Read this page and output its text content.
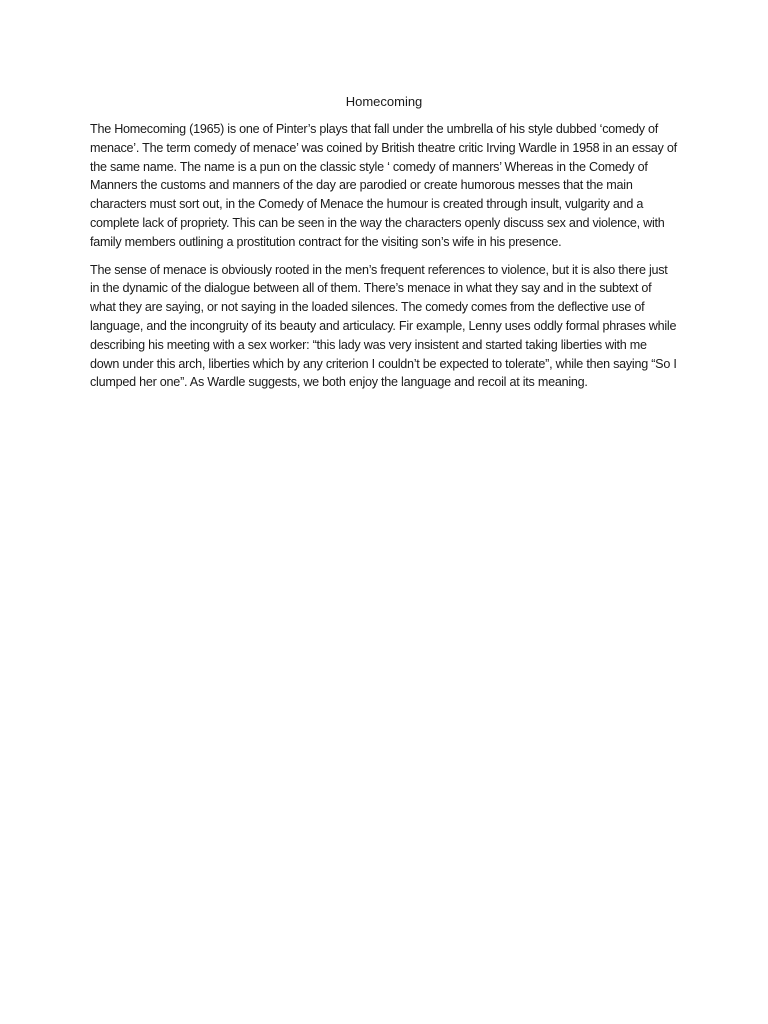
Homecoming

The Homecoming (1965) is one of Pinter’s plays that fall under the umbrella of his style dubbed ‘comedy of menace’. The term comedy of menace’ was coined by British theatre critic Irving Wardle in 1958 in an essay of the same name. The name is a pun on the classic style ‘ comedy of manners’ Whereas in the Comedy of Manners the customs and manners of the day are parodied or create humorous messes that the main characters must sort out, in the Comedy of Menace the humour is created through insult, vulgarity and a complete lack of propriety. This can be seen in the way the characters openly discuss sex and violence, with family members outlining a prostitution contract for the visiting son’s wife in his presence.

The sense of menace is obviously rooted in the men’s frequent references to violence, but it is also there just in the dynamic of the dialogue between all of them. There’s menace in what they say and in the subtext of what they are saying, or not saying in the loaded silences. The comedy comes from the deflective use of language, and the incongruity of its beauty and articulacy. Fir example, Lenny uses oddly formal phrases while describing his meeting with a sex worker: “this lady was very insistent and started taking liberties with me down under this arch, liberties which by any criterion I couldn’t be expected to tolerate”, while then saying “So I clumped her one”. As Wardle suggests, we both enjoy the language and recoil at its meaning.
